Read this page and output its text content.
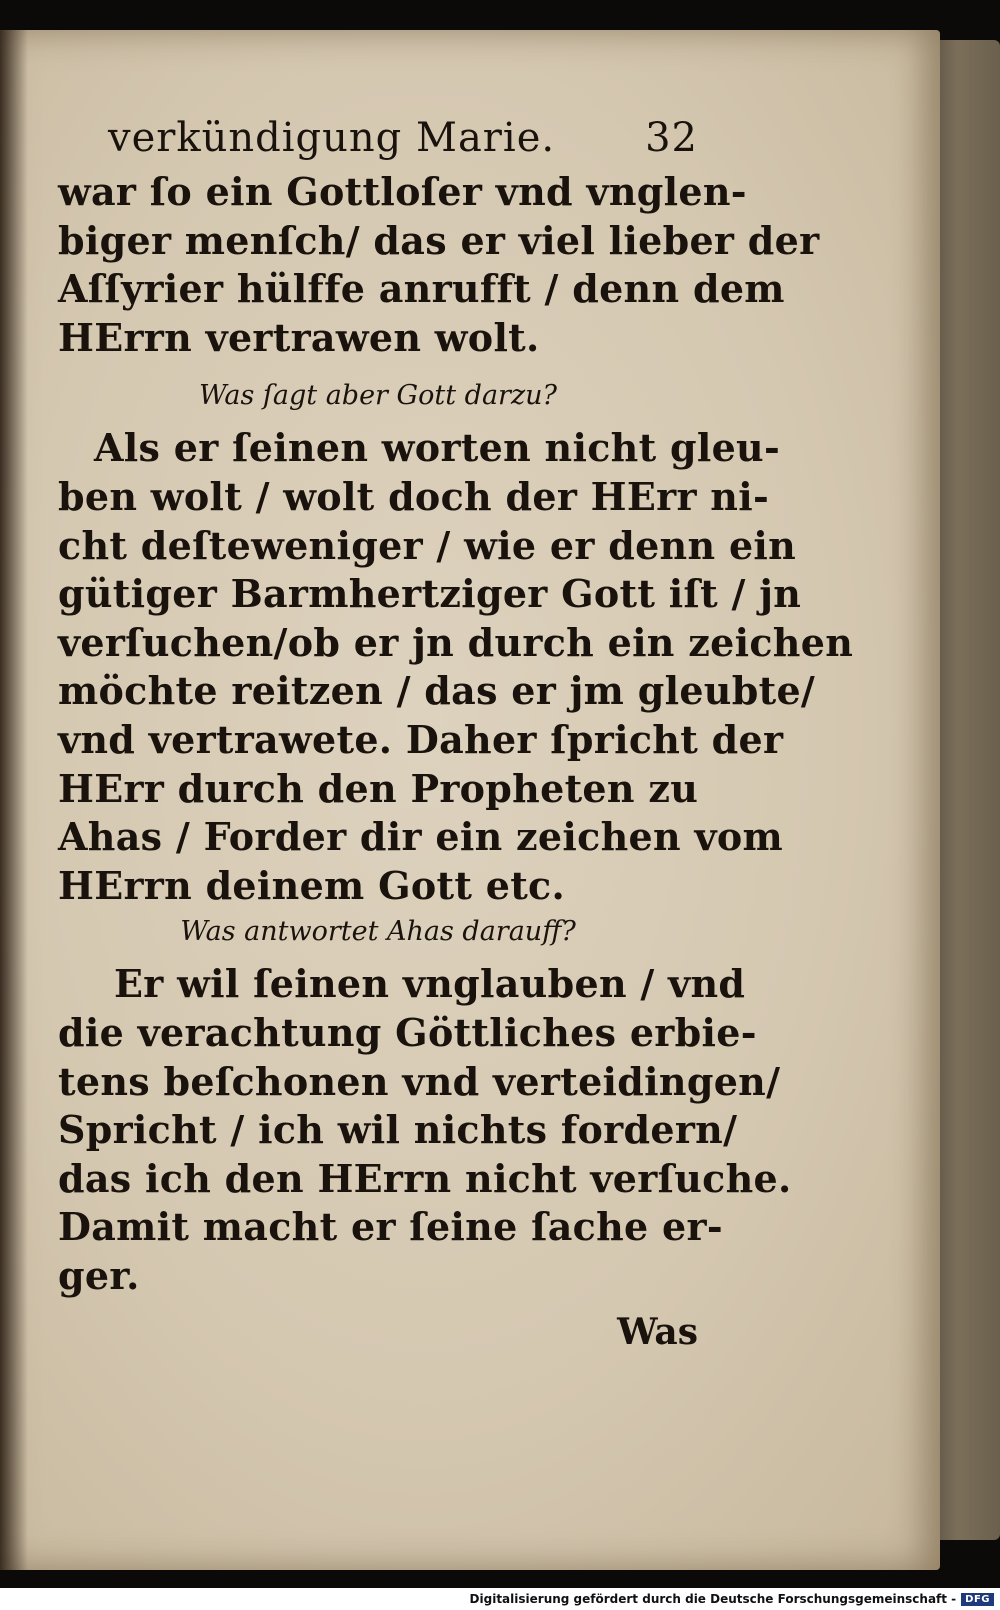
verkündigung Marie. 32
war ſo ein Gottloſer vnd vnglen-
biger menſch/ das er viel lieber der
Aſſyrier hülffe anrufft / denn dem
HErrn vertrawen wolt.
Was ſagt aber Gott darzu?
Als er ſeinen worten nicht gleu-
ben wolt / wolt doch der HErr ni-
cht deſteweniger / wie er denn ein
gütiger Barmhertziger Gott iſt / jn
verſuchen/ob er jn durch ein zeichen
möchte reitzen / das er jm gleubte/
vnd vertrawete. Daher ſpricht der
HErr durch den Propheten zu
Ahas / Forder dir ein zeichen vom
HErrn deinem Gott etc.
Was antwortet Ahas darauff?
Er wil ſeinen vnglauben / vnd
die verachtung Göttliches erbie-
tens beſchonen vnd verteidingen/
Spricht / ich wil nichts fordern/
das ich den HErrn nicht verſuche.
Damit macht er ſeine ſache er-
ger.
Was
Digitalisierung gefördert durch die Deutsche Forschungsgemeinschaft - DFG
